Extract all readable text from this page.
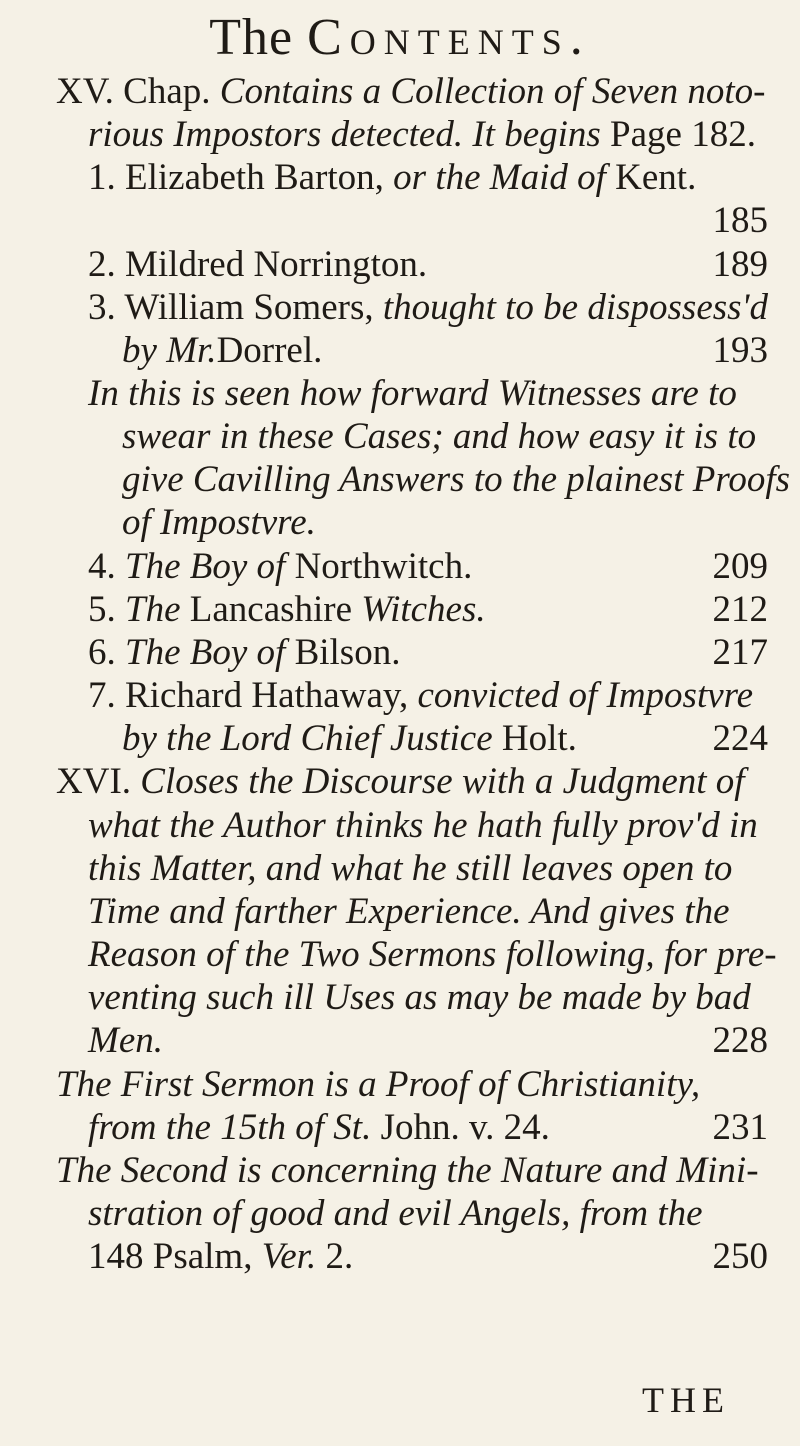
The Contents.
XV. Chap. Contains a Collection of Seven noto-
rious Impostors detected. It begins Page 182.
1. Elizabeth Barton, or the Maid of Kent.
185
2. Mildred Norrington.	189
3. William Somers, thought to be dispossess'd
by Mr.Dorrel.	193
In this is seen how forward Witnesses are to
swear in these Cases; and how easy it is to
give Cavilling Answers to the plainest Proofs
of Impostvre.
4. The Boy of Northwitch.	209
5. The Lancashire Witches.	212
6. The Boy of Bilson.	217
7. Richard Hathaway, convicted of Impostvre
by the Lord Chief Justice Holt.	224
XVI. Closes the Discourse with a Judgment of
what the Author thinks he hath fully prov'd in
this Matter, and what he still leaves open to
Time and farther Experience. And gives the
Reason of the Two Sermons following, for pre-
venting such ill Uses as may be made by bad
Men.	228
The First Sermon is a Proof of Christianity,
from the 15th of St. John. v. 24.	231
The Second is concerning the Nature and Mini-
stration of good and evil Angels, from the
148 Psalm, Ver. 2.	250
THE
